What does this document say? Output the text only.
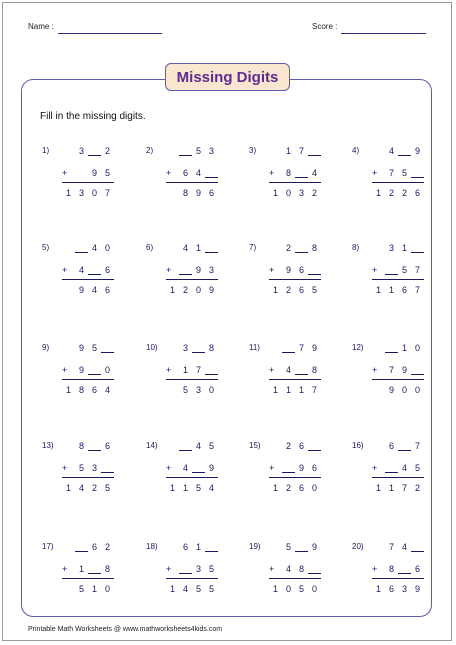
Name :	Score :
Missing Digits
Fill in the missing digits.
1)	3	2
+	9 5
1 3 0 7
2)	5 3
+	6 4
8 9 6
3)	1 7
+	8	4
1 0 3 2
4)	4	9
+	7 5
1 2 2 6
5)	4 0
+	4	6
9 4 6
6)	4 1
+	9 3
1 2 0 9
7)	2	8
+	9 6
1 2 6 5
8)	3 1
+	5 7
1 1 6 7
9)	9 5
+	9	0
1 8 6 4
10)	3	8
+	1 7
5 3 0
11)	7 9
+	4	8
1 1 1 7
12)	1 0
+	7 9
9 0 0
13)	8	6
+	5 3
1 4 2 5
14)	4 5
+	4	9
1 1 5 4
15)	2 6
+	9 6
1 2 6 0
16)	6	7
+	4 5
1 1 7 2
17)	6 2
+	1	8
5 1 0
18)	6 1
+	3 5
1 4 5 5
19)	5	9
+	4 8
1 0 5 0
20)	7 4
+	8	6
1 6 3 9
Printable Math Worksheets @ www.mathworksheets4kids.com
